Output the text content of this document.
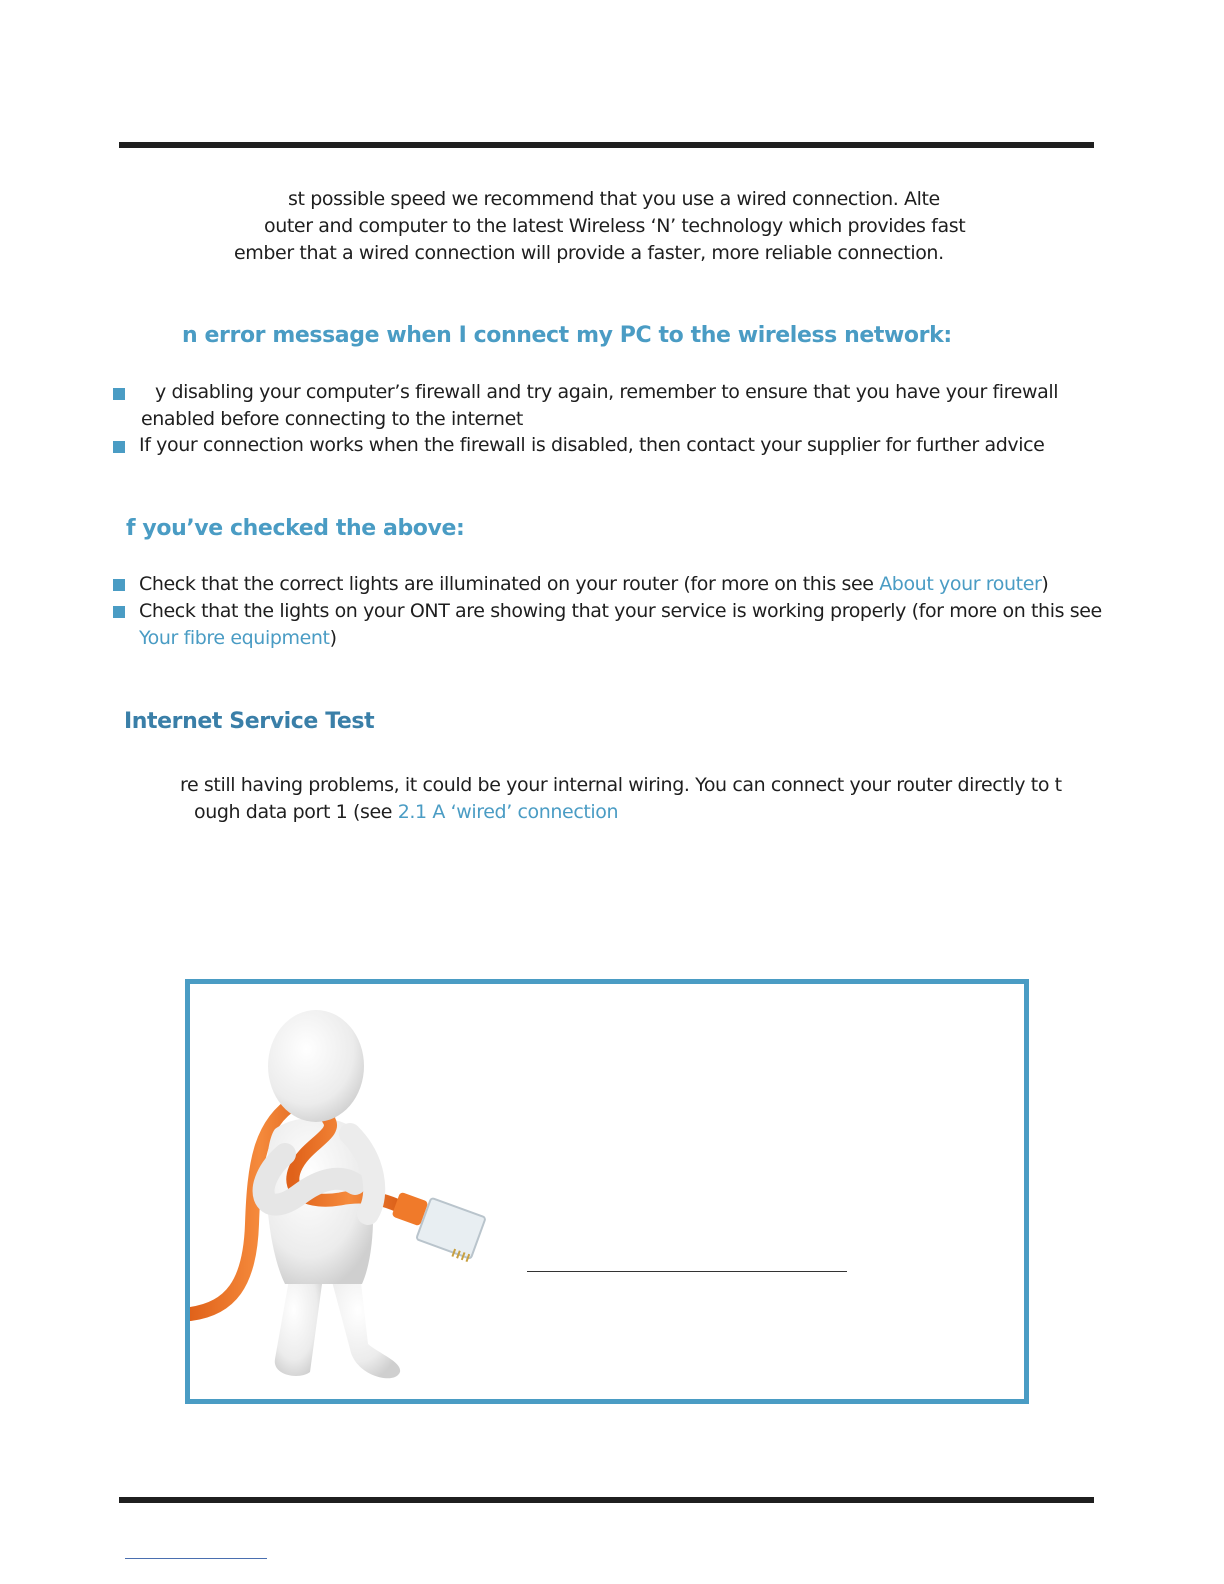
st possible speed we recommend that you use a wired connection. Alte
outer and computer to the latest Wireless ‘N’ technology which provides fast
ember that a wired connection will provide a faster, more reliable connection.
n error message when I connect my PC to the wireless network:
y disabling your computer’s firewall and try again, remember to ensure that you have your firewall
enabled before connecting to the internet
If your connection works when the firewall is disabled, then contact your supplier for further advice
f you’ve checked the above:
Check that the correct lights are illuminated on your router (for more on this see About your router)
Check that the lights on your ONT are showing that your service is working properly (for more on this see
Your fibre equipment)
Internet Service Test
re still having problems, it could be your internal wiring. You can connect your router directly to t
ough data port 1 (see 2.1 A ‘wired’ connection
